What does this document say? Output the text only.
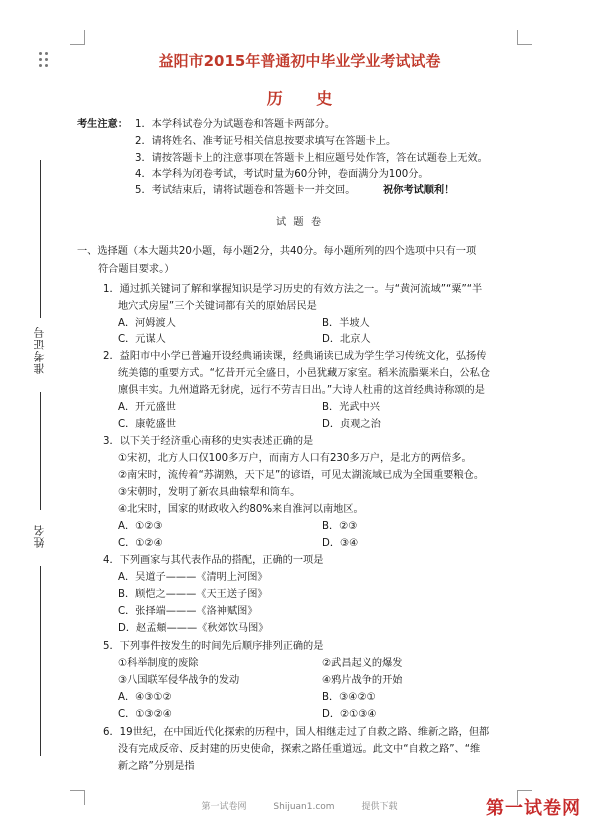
准考证号
姓名
益阳市2015年普通初中毕业学业考试试卷
历 史
考生注意： 1．本学科试卷分为试题卷和答题卡两部分。
2．请将姓名、准考证号相关信息按要求填写在答题卡上。
3．请按答题卡上的注意事项在答题卡上相应题号处作答，答在试题卷上无效。
4．本学科为闭卷考试，考试时量为60分钟，卷面满分为100分。
5．考试结束后，请将试题卷和答题卡一并交回。	祝你考试顺利！
试 题 卷
一、选择题（本大题共20小题，每小题2分，共40分。每小题所列的四个选项中只有一项
符合题目要求。）
1．通过抓关键词了解和掌握知识是学习历史的有效方法之一。与“黄河流域”“粟”“半
地穴式房屋”三个关键词都有关的原始居民是
A．河姆渡人	B．半坡人
C．元谋人	D．北京人
2．益阳市中小学已普遍开设经典诵读课，经典诵读已成为学生学习传统文化，弘扬传
统美德的重要方式。“忆昔开元全盛日，小邑犹藏万家室。稻米流脂粟米白，公私仓
廪俱丰实。九州道路无豺虎，远行不劳吉日出。”大诗人杜甫的这首经典诗称颂的是
A．开元盛世	B．光武中兴
C．康乾盛世	D．贞观之治
3．以下关于经济重心南移的史实表述正确的是
①宋初，北方人口仅100多万户，而南方人口有230多万户，是北方的两倍多。
②南宋时，流传着“苏湖熟，天下足”的谚语，可见太湖流域已成为全国重要粮仓。
③宋朝时，发明了新农具曲辕犁和筒车。
④北宋时，国家的财政收入约80%来自淮河以南地区。
A．①②③	B．②③
C．①②④	D．③④
4．下列画家与其代表作品的搭配，正确的一项是
A．吴道子———《清明上河图》
B．顾恺之———《天王送子图》
C．张择端———《洛神赋图》
D．赵孟頫———《秋郊饮马图》
5．下列事件按发生的时间先后顺序排列正确的是
①科举制度的废除	②武昌起义的爆发
③八国联军侵华战争的发动	④鸦片战争的开始
A．④③①②	B．③④②①
C．①③②④	D．②①③④
6．19世纪，在中国近代化探索的历程中，国人相继走过了自救之路、维新之路，但都
没有完成反帝、反封建的历史使命，探索之路任重道远。此文中“自救之路”、“维
新之路”分别是指
第一试卷网	Shijuan1.com	提供下载	第一试卷网
